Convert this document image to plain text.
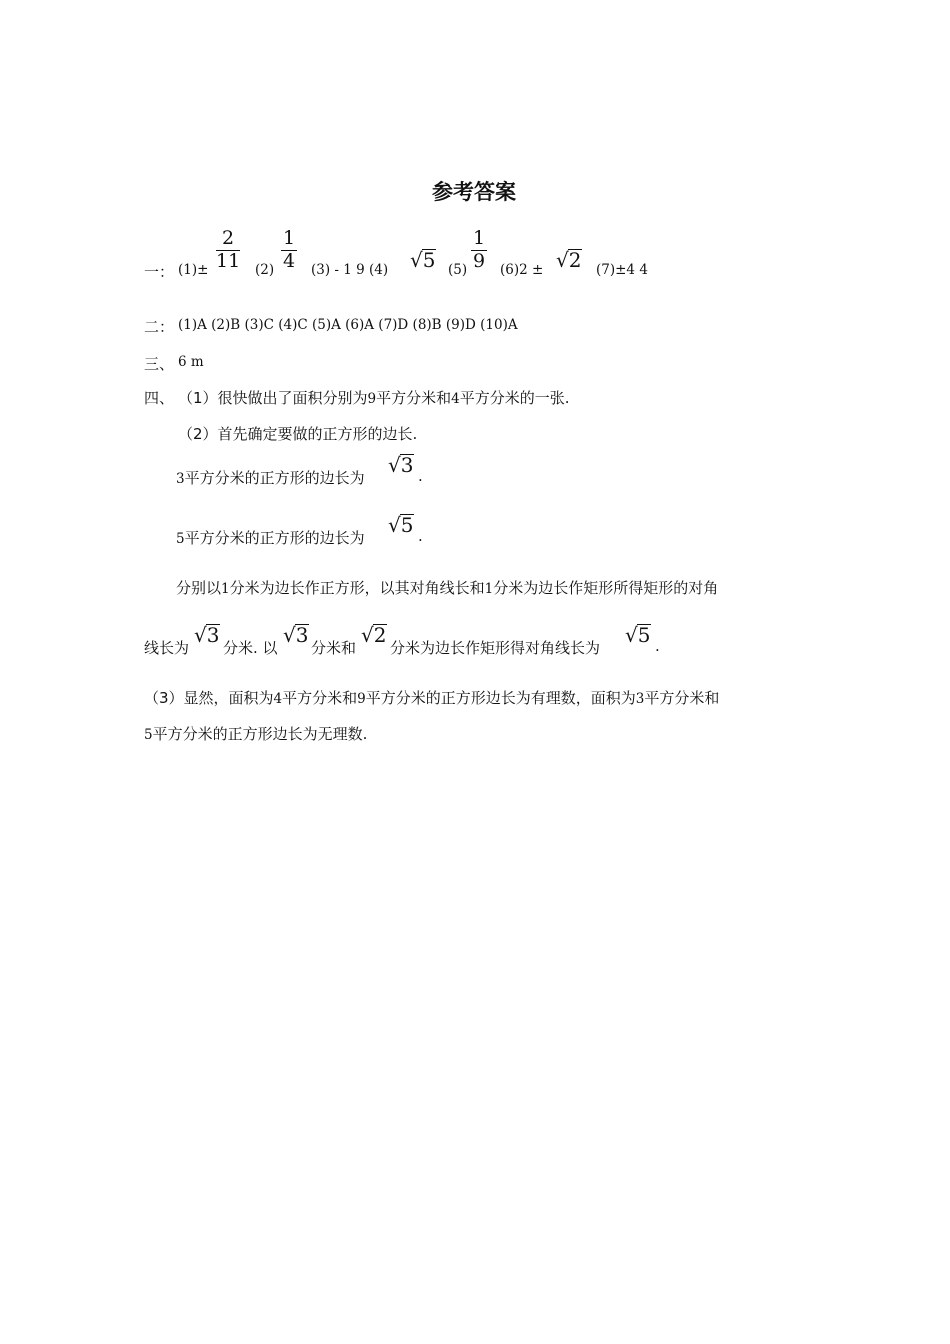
参考答案
一： (1)±
2
11 (2)
1
4 (3) - 1 9 (4) √5 (5)
1
9 (6)2 ± √2 (7)±4 4
二： (1)A (2)B (3)C (4)C (5)A (6)A (7)D (8)B (9)D (10)A
三、 6 m
四、 （1）很快做出了面积分别为9平方分米和4平方分米的一张.
（2）首先确定要做的正方形的边长.
3平方分米的正方形的边长为
√3 .
5平方分米的正方形的边长为
√5 .
分别以1分米为边长作正方形，以其对角线长和1分米为边长作矩形所得矩形的对角
线长为
√3
分米. 以
√3
分米和
√2
分米为边长作矩形得对角线长为
√5 .
（3）显然，面积为4平方分米和9平方分米的正方形边长为有理数，面积为3平方分米和
5平方分米的正方形边长为无理数.
